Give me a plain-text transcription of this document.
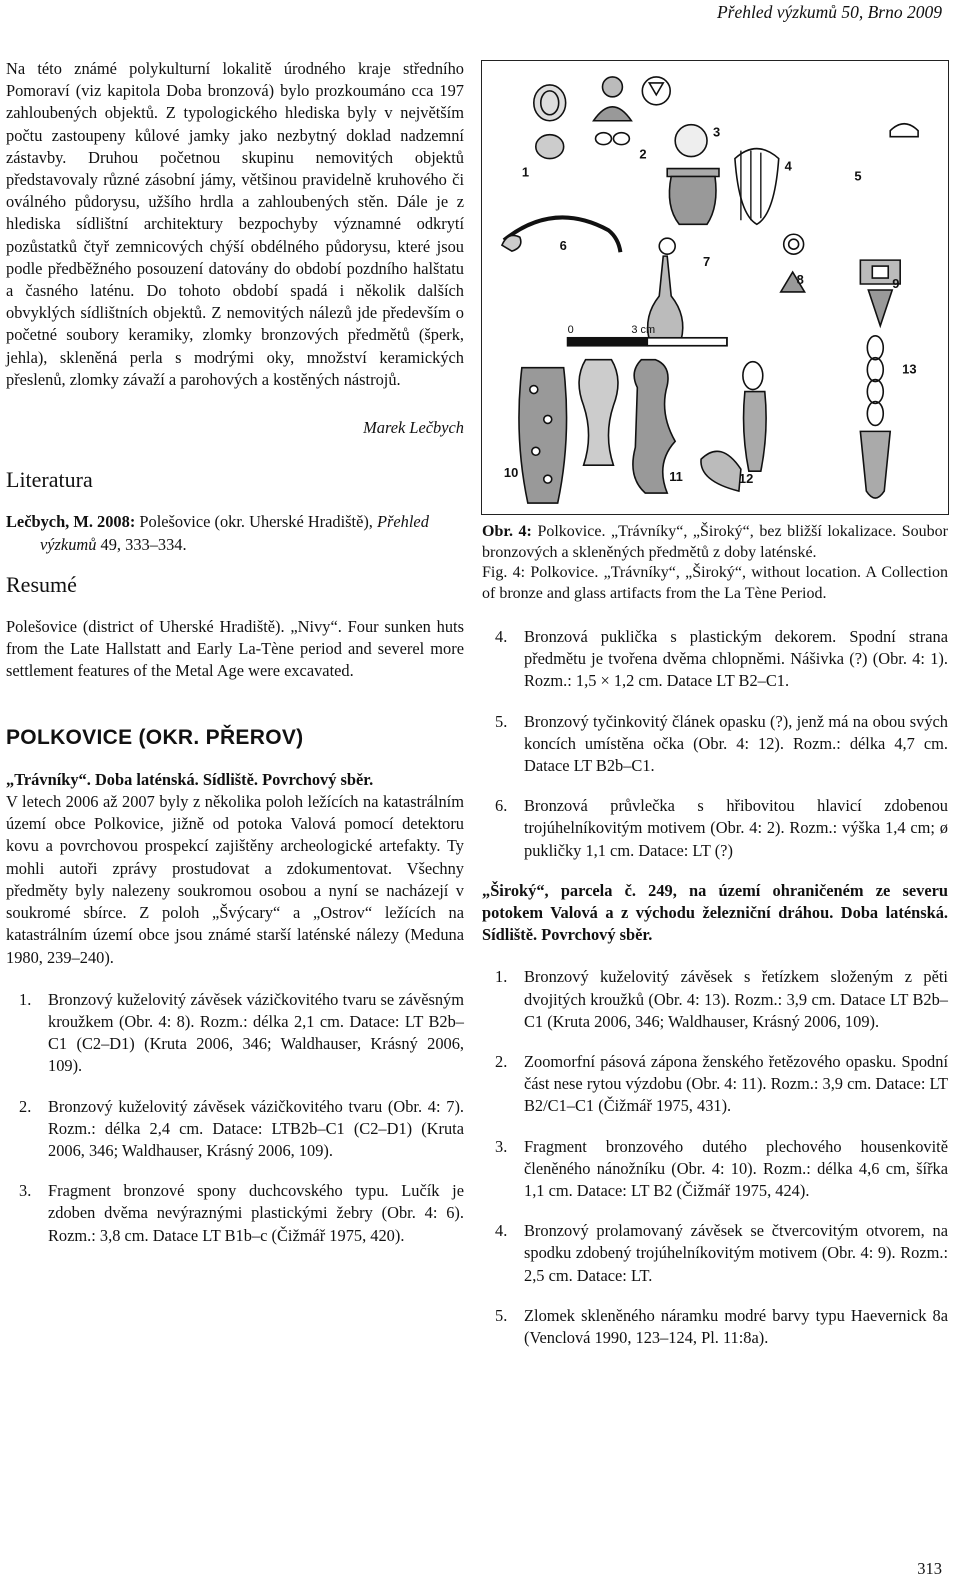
Přehled výzkumů 50, Brno 2009

Na této známé polykulturní lokalitě úrodného kraje středního Pomoraví (viz kapitola Doba bronzová) bylo prozkoumáno cca 197 zahloubených objektů. Z typologického hlediska byly v největším počtu zastoupeny kůlové jamky jako nezbytný doklad nadzemní zástavby. Druhou početnou skupinu nemovitých objektů představovaly různé zásobní jámy, většinou pravidelně kruhového či oválného půdorysu, užšího hrdla a zahloubených stěn. Dále je z hlediska sídlištní architektury bezpochyby významné odkrytí pozůstatků čtyř zemnicových chýší obdélného půdorysu, které jsou podle předběžného posouzení datovány do období pozdního halštatu a časného laténu. Do tohoto období spadá i několik dalších obvyklých sídlištních objektů. Z nemovitých nálezů jde především o početné soubory keramiky, zlomky bronzových předmětů (šperk, jehla), skleněná perla s modrými oky, množství keramických přeslenů, zlomky závaží a parohových a kostěných nástrojů.

Marek Lečbych

Literatura

Lečbych, M. 2008: Polešovice (okr. Uherské Hradiště), Přehled výzkumů 49, 333–334.

Resumé

Polešovice (district of Uherské Hradiště). „Nivy“. Four sunken huts from the Late Hallstatt and Early La-Tène period and severel more settlement features of the Metal Age were excavated.

POLKOVICE (OKR. PŘEROV)

„Trávníky“. Doba laténská. Sídliště. Povrchový sběr.

V letech 2006 až 2007 byly z několika poloh ležících na katastrálním území obce Polkovice, jižně od potoka Valová pomocí detektoru kovu a povrchovou prospekcí zajištěny archeologické artefakty. Ty mohli autoři zprávy prostudovat a zdokumentovat. Všechny předměty byly nalezeny soukromou osobou a nyní se nacházejí v soukromé sbírce. Z poloh „Švýcary“ a „Ostrov“ ležících na katastrálním území obce jsou známé starší laténské nálezy (Meduna 1980, 239–240).

1. Bronzový kuželovitý závěsek vázičkovitého tvaru se závěsným kroužkem (Obr. 4: 8). Rozm.: délka 2,1 cm. Datace: LT B2b–C1 (C2–D1) (Kruta 2006, 346; Waldhauser, Krásný 2006, 109).
2. Bronzový kuželovitý závěsek vázičkovitého tvaru (Obr. 4: 7). Rozm.: délka 2,4 cm. Datace: LTB2b–C1 (C2–D1) (Kruta 2006, 346; Waldhauser, Krásný 2006, 109).
3. Fragment bronzové spony duchcovského typu. Lučík je zdoben dvěma nevýraznými plastickými žebry (Obr. 4: 6). Rozm.: 3,8 cm. Datace LT B1b–c (Čižmář 1975, 420).
1
2
3
4
5
6
7
8	9
10	11	12
13
0	3 cm

Obr. 4: Polkovice. „Trávníky“, „Široký“, bez bližší lokalizace. Soubor bronzových a skleněných předmětů z doby laténské.

Fig. 4: Polkovice. „Trávníky“, „Široký“, without location. A Collection of bronze and glass artifacts from the La Tène Period.

4. Bronzová puklička s plastickým dekorem. Spodní strana předmětu je tvořena dvěma chlopněmi. Nášivka (?) (Obr. 4: 1). Rozm.: 1,5 × 1,2 cm. Datace LT B2–C1.
5. Bronzový tyčinkovitý článek opasku (?), jenž má na obou svých koncích umístěna očka (Obr. 4: 12). Rozm.: délka 4,7 cm. Datace LT B2b–C1.
6. Bronzová průvlečka s hřibovitou hlavicí zdobenou trojúhelníkovitým motivem (Obr. 4: 2). Rozm.: výška 1,4 cm; ø pukličky 1,1 cm. Datace: LT (?)

„Široký“, parcela č. 249, na území ohraničeném ze severu potokem Valová a z východu železniční dráhou. Doba laténská. Sídliště. Povrchový sběr.

1. Bronzový kuželovitý závěsek s řetízkem složeným z pěti dvojitých kroužků (Obr. 4: 13). Rozm.: 3,9 cm. Datace LT B2b–C1 (Kruta 2006, 346; Waldhauser, Krásný 2006, 109).
2. Zoomorfní pásová zápona ženského řetězového opasku. Spodní část nese rytou výzdobu (Obr. 4: 11). Rozm.: 3,9 cm. Datace: LT B2/C1–C1 (Čižmář 1975, 431).
3. Fragment bronzového dutého plechového housenkovitě členěného nánožníku (Obr. 4: 10). Rozm.: délka 4,6 cm, šířka 1,1 cm. Datace: LT B2 (Čižmář 1975, 424).
4. Bronzový prolamovaný závěsek se čtvercovitým otvorem, na spodku zdobený trojúhelníkovitým motivem (Obr. 4: 9). Rozm.: 2,5 cm. Datace: LT.
5. Zlomek skleněného náramku modré barvy typu Haevernick 8a (Venclová 1990, 123–124, Pl. 11:8a).
313
